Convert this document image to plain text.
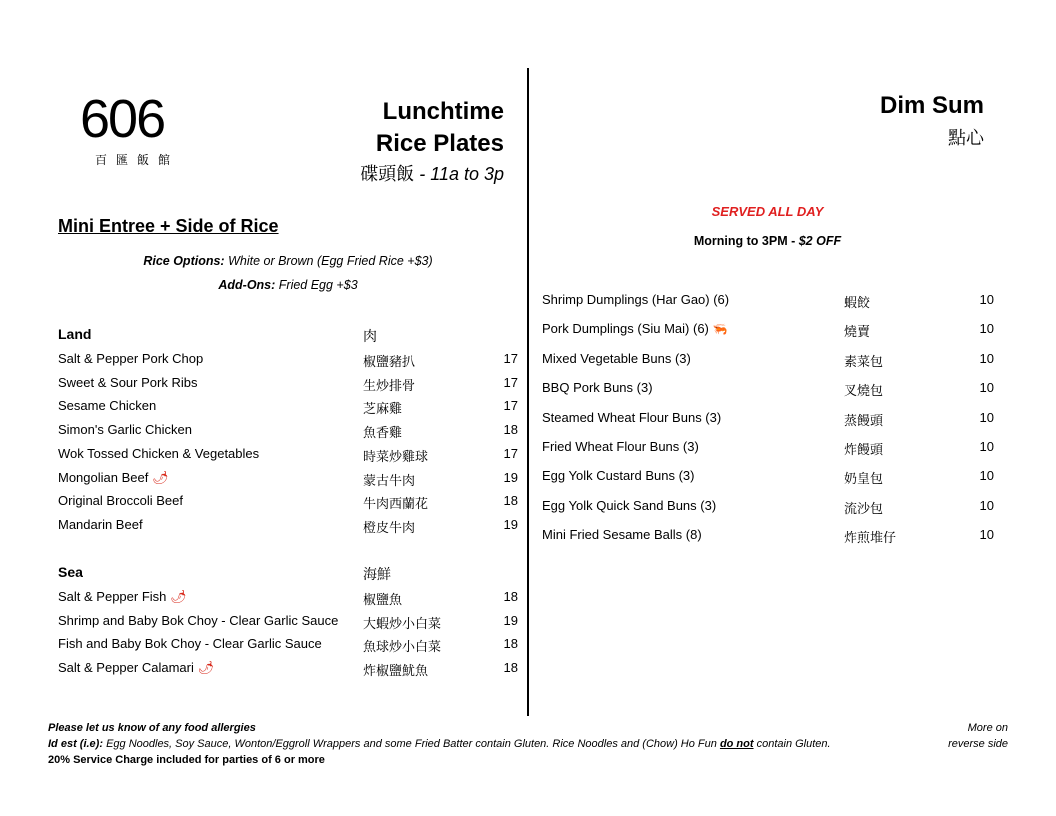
606
百匯飯館
Lunchtime
Rice Plates
碟頭飯 - 11a to 3p
Mini Entree + Side of Rice
Rice Options: White or Brown (Egg Fried Rice +$3)
Add-Ons: Fried Egg +$3
Land	肉
Salt & Pepper Pork Chop	椒鹽豬扒	17
Sweet & Sour Pork Ribs	生炒排骨	17
Sesame Chicken	芝麻雞	17
Simon's Garlic Chicken	魚香雞	18
Wok Tossed Chicken & Vegetables	時菜炒雞球	17
Mongolian Beef 🌶	蒙古牛肉	19
Original Broccoli Beef	牛肉西蘭花	18
Mandarin Beef	橙皮牛肉	19
Sea	海鮮
Salt & Pepper Fish 🌶	椒鹽魚	18
Shrimp and Baby Bok Choy - Clear Garlic Sauce 大蝦炒小白菜	19
Fish and Baby Bok Choy - Clear Garlic Sauce	魚球炒小白菜	18
Salt & Pepper Calamari 🌶	炸椒鹽魷魚	18
Dim Sum
點心
SERVED ALL DAY
Morning to 3PM - $2 OFF
Shrimp Dumplings (Har Gao) (6)	蝦餃	10
Pork Dumplings (Siu Mai) (6) 🦐	燒賣	10
Mixed Vegetable Buns (3)	素菜包	10
BBQ Pork Buns (3)	叉燒包	10
Steamed Wheat Flour Buns (3)	蒸饅頭	10
Fried Wheat Flour Buns (3)	炸饅頭	10
Egg Yolk Custard Buns (3)	奶皇包	10
Egg Yolk Quick Sand Buns (3)	流沙包	10
Mini Fried Sesame Balls (8)	炸煎堆仔	10
Please let us know of any food allergies
Id est (i.e): Egg Noodles, Soy Sauce, Wonton/Eggroll Wrappers and some Fried Batter contain Gluten. Rice Noodles and (Chow) Ho Fun do not contain Gluten.
20% Service Charge included for parties of 6 or more
More on
reverse side
